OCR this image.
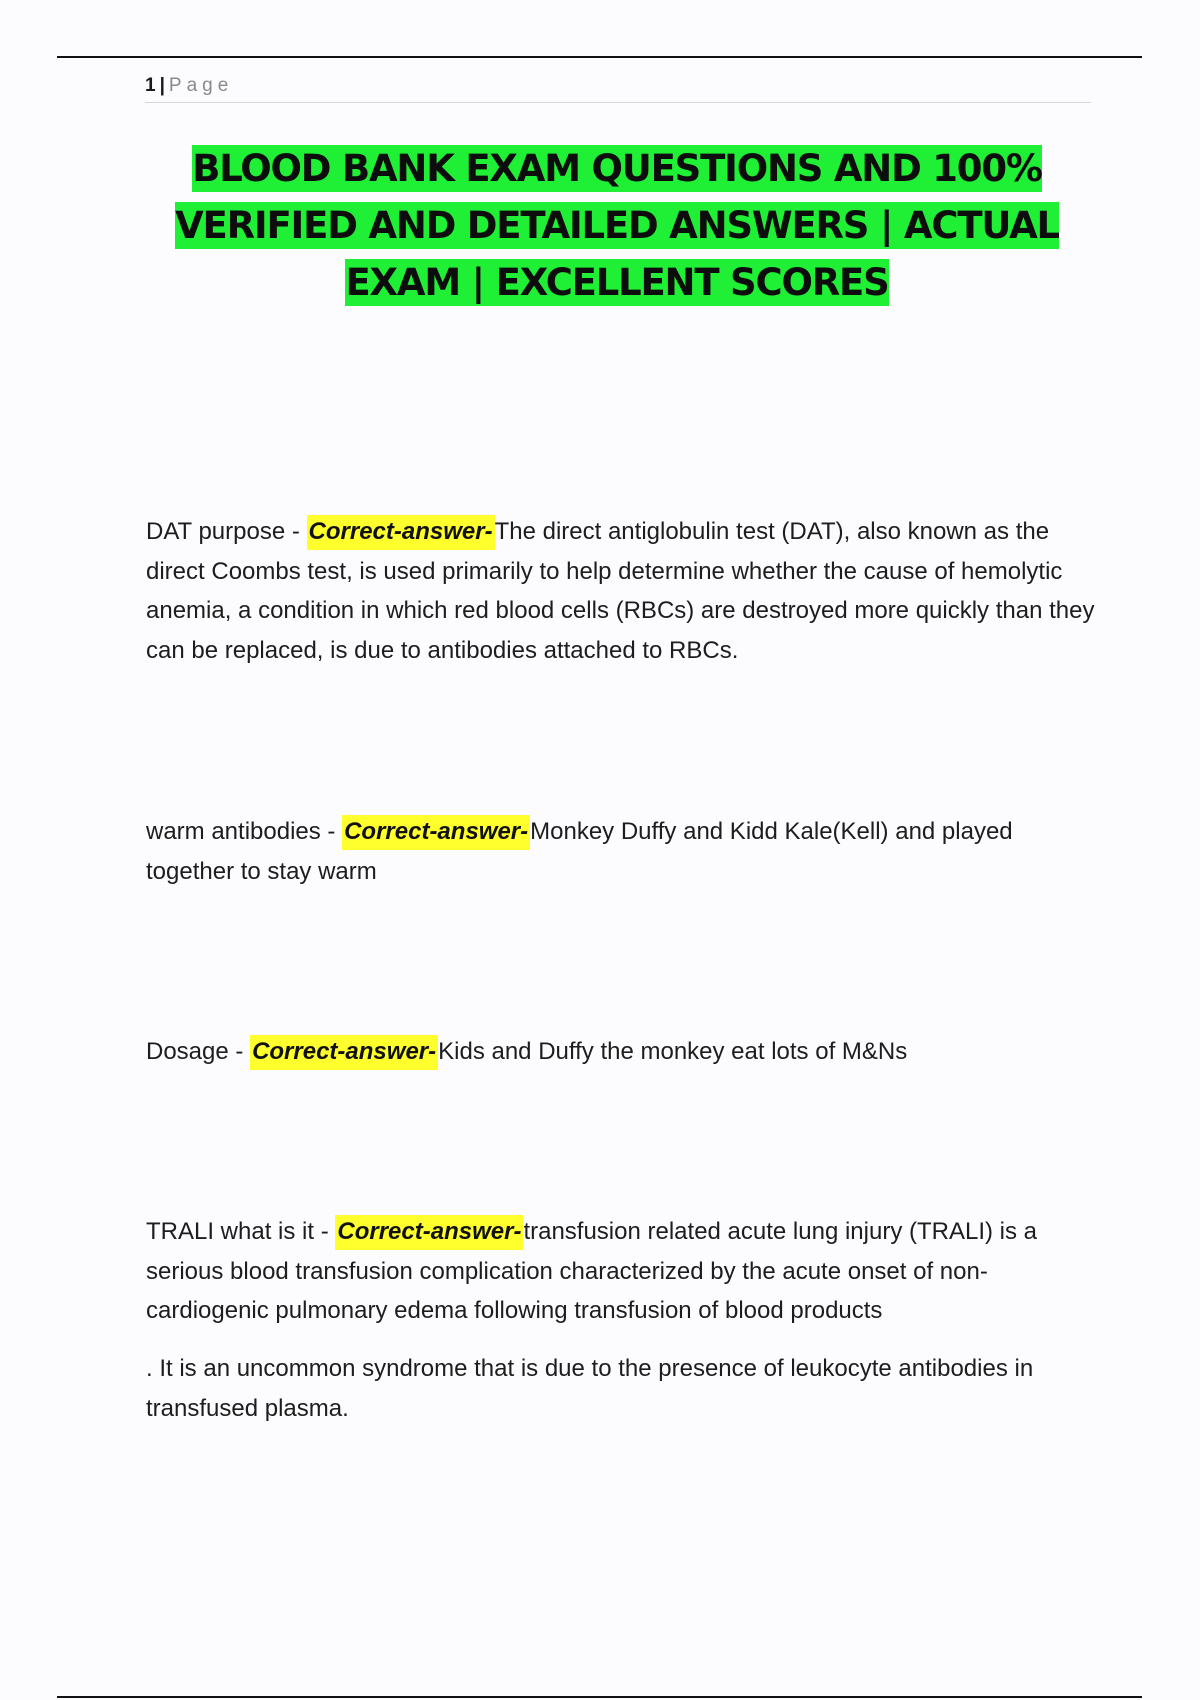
1 | Page
BLOOD BANK EXAM QUESTIONS AND 100%
VERIFIED AND DETAILED ANSWERS | ACTUAL
EXAM | EXCELLENT SCORES

DAT purpose - Correct-answer-The direct antiglobulin test (DAT), also known as the direct Coombs test, is used primarily to help determine whether the cause of hemolytic anemia, a condition in which red blood cells (RBCs) are destroyed more quickly than they can be replaced, is due to antibodies attached to RBCs.

warm antibodies - Correct-answer-Monkey Duffy and Kidd Kale(Kell) and played together to stay warm

Dosage - Correct-answer-Kids and Duffy the monkey eat lots of M&Ns

TRALI what is it - Correct-answer-transfusion related acute lung injury (TRALI) is a serious blood transfusion complication characterized by the acute onset of non-cardiogenic pulmonary edema following transfusion of blood products

. It is an uncommon syndrome that is due to the presence of leukocyte antibodies in transfused plasma.
